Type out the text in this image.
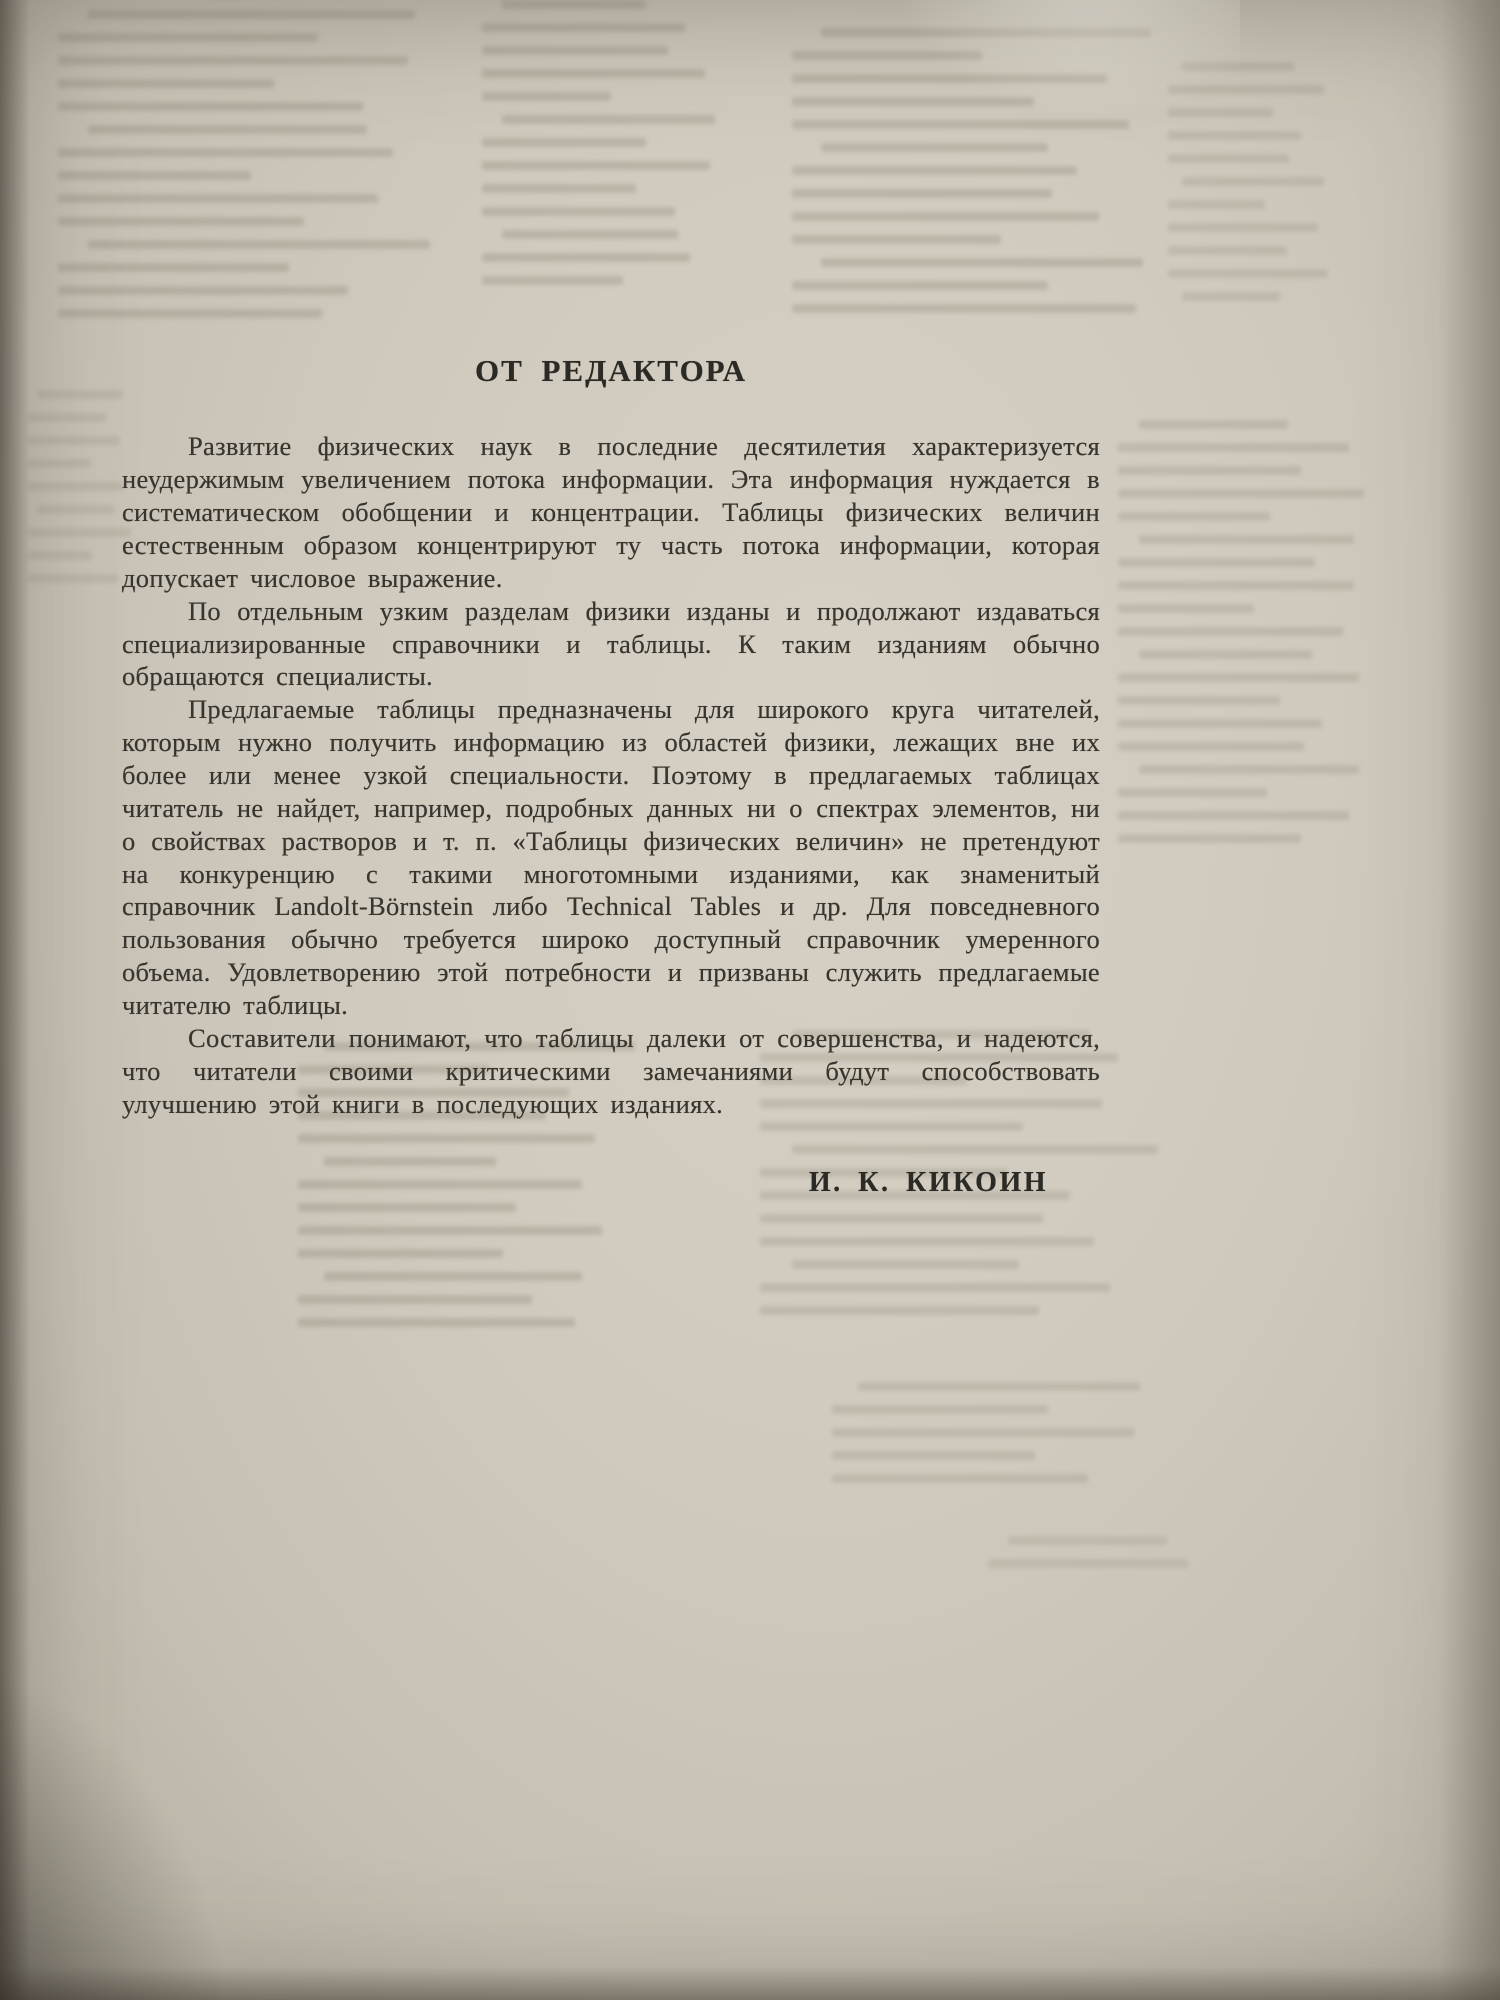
ОТ РЕДАКТОРА

Развитие физических наук в последние десятилетия характеризуется неудержимым увеличением потока информации. Эта информация нуждается в систематическом обобщении и концентрации. Таблицы физических величин естественным образом концентрируют ту часть потока информации, которая допускает числовое выражение.

По отдельным узким разделам физики изданы и продолжают издаваться специализированные справочники и таблицы. К таким изданиям обычно обращаются специалисты.

Предлагаемые таблицы предназначены для широкого круга читателей, которым нужно получить информацию из областей физики, лежащих вне их более или менее узкой специальности. Поэтому в предлагаемых таблицах читатель не найдет, например, подробных данных ни о спектрах элементов, ни о свойствах растворов и т. п. «Таблицы физических величин» не претендуют на конкуренцию с такими многотомными изданиями, как знаменитый справочник Landolt-Börnstein либо Technical Tables и др. Для повседневного пользования обычно требуется широко доступный справочник умеренного объема. Удовлетворению этой потребности и призваны служить предлагаемые читателю таблицы.

Составители понимают, что таблицы далеки от совершенства, и надеются, что читатели своими критическими замечаниями будут способствовать улучшению этой книги в последующих изданиях.

И. К. КИКОИН
